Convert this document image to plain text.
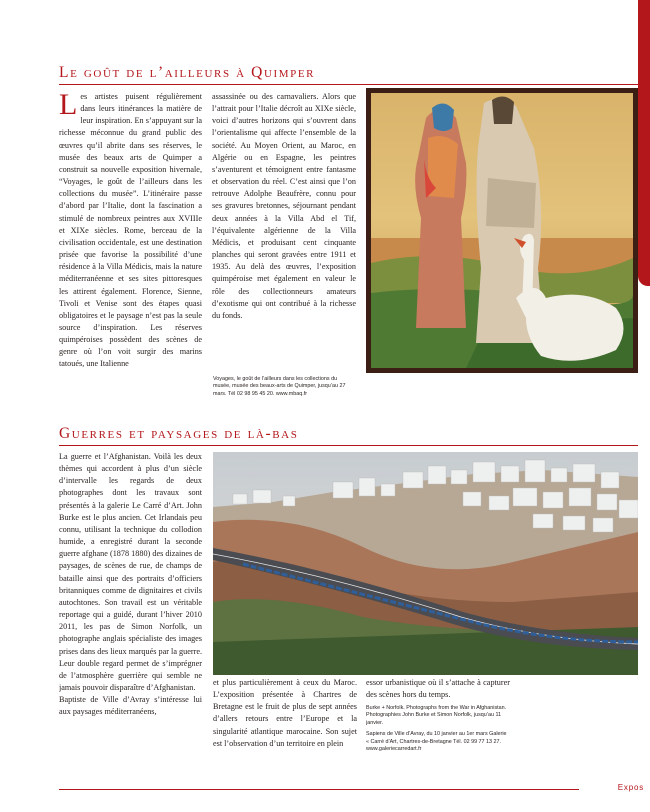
Le goût de l’ailleurs à Quimper

Les artistes puisent régulièrement dans leurs itinérances la matière de leur inspiration. En s’appuyant sur la richesse méconnue du grand public des œuvres qu’il abrite dans ses réserves, le musée des beaux arts de Quimper a construit sa nouvelle exposition hivernale, “Voyages, le goût de l’ailleurs dans les collections du musée”. L’itinéraire passe d’abord par l’Italie, dont la fascination a stimulé de nombreux peintres aux XVIIIe et XIXe siècles. Rome, berceau de la civilisation occidentale, est une destination prisée que favorise la possibilité d’une résidence à la Villa Médicis, mais la nature méditerranéenne et ses sites pittoresques les attirent également. Florence, Sienne, Tivoli et Venise sont des étapes quasi obligatoires et le paysage n’est pas la seule source d’inspiration. Les réserves quimpéroises possèdent des scènes de genre où l’on voit surgir des marins tatoués, une Italienne

assassinée ou des carnavaliers. Alors que l’attrait pour l’Italie décroît au XIXe siècle, voici d’autres horizons qui s’ouvrent dans l’orientalisme qui affecte l’ensemble de la société. Au Moyen Orient, au Maroc, en Algérie ou en Espagne, les peintres s’aventurent et témoignent entre fantasme et observation du réel. C’est ainsi que l’on retrouve Adolphe Beaufrère, connu pour ses gravures bretonnes, séjournant pendant deux années à la Villa Abd el Tif, l’équivalente algérienne de la Villa Médicis, et produisant cent cinquante planches qui seront gravées entre 1911 et 1935. Au delà des œuvres, l’exposition quimpéroise met également en valeur le rôle des collectionneurs amateurs d’exotisme qui ont contribué à la richesse du fonds.

Voyages, le goût de l’ailleurs dans les collections du musée, musée des beaux-arts de Quimper, jusqu’au 27 mars. Tél 02 98 95 45 20. www.mbaq.fr

Guerres et paysages de là-bas

La guerre et l’Afghanistan. Voilà les deux thèmes qui accordent à plus d’un siècle d’intervalle les regards de deux photographes dont les travaux sont présentés à la galerie Le Carré d’Art. John Burke est le plus ancien. Cet Irlandais peu connu, utilisant la technique du collodion humide, a enregistré durant la seconde guerre afghane (1878 1880) des dizaines de paysages, de scènes de rue, de champs de bataille ainsi que des portraits d’officiers britanniques comme de dignitaires et civils autochtones. Son travail est un véritable reportage qui a guidé, durant l’hiver 2010 2011, les pas de Simon Norfolk, un photographe anglais spécialiste des images prises dans des lieux marqués par la guerre. Leur double regard permet de s’imprégner de l’atmosphère guerrière qui semble ne jamais pouvoir disparaître d’Afghanistan.

Baptiste de Ville d’Avray s’intéresse lui aux paysages méditerranéens,

et plus particulièrement à ceux du Maroc. L’exposition présentée à Chartres de Bretagne est le fruit de plus de sept années d’allers retours entre l’Europe et la singularité atlantique marocaine. Son sujet est l’observation d’un territoire en plein

essor urbanistique où il s’attache à capturer des scènes hors du temps.

Burke + Norfolk. Photographs from the War in Afghanistan. Photographies John Burke et Simon Norfolk, jusqu’au 11 janvier.

Sapiens de Ville d’Avray, du 10 janvier au 1er mars Galerie « Carré d’Art, Chartres-de-Bretagne Tél. 02 99 77 13 27. www.galeriecarredart.fr

Expos
